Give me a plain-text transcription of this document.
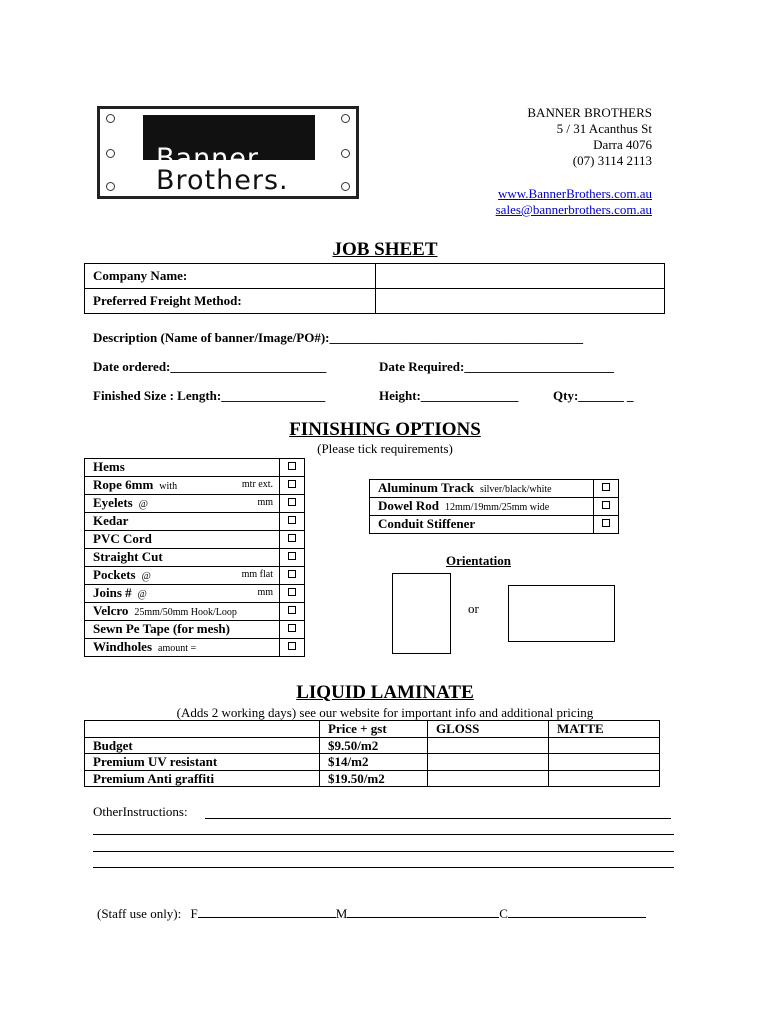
Banner
Brothers.
BANNER BROTHERS
5 / 31 Acanthus St
Darra 4076
(07) 3114 2113
www.BannerBrothers.com.au
sales@bannerbrothers.com.au
JOB SHEET
Company Name:	
Preferred Freight Method:	
Description (Name of banner/Image/PO#):_______________________________________
Date ordered:________________________	Date Required:_______________________
Finished Size : Length:________________	Height:_______________	Qty:_______ _
FINISHING OPTIONS
(Please tick requirements)
Hems

Rope 6mm with mtr ext.	

Eyelets @ mm	

Kedar

PVC Cord

Straight Cut

Pockets @ mm flat	

Joins # @ mm	

Velcro 25mm/50mm Hook/Loop

Sewn Pe Tape (for mesh)

Windholes amount =

Aluminum Track silver/black/white	
Dowel Rod 12mm/19mm/25mm wide	
Conduit Stiffener	
Orientation
or
LIQUID LAMINATE
(Adds 2 working days) see our website for important info and additional pricing
	Price + gst	GLOSS	MATTE
Budget	$9.50/m2		
Premium UV resistant	$14/m2		
Premium Anti graffiti	$19.50/m2		
OtherInstructions:
(Staff use only): F	M	C
